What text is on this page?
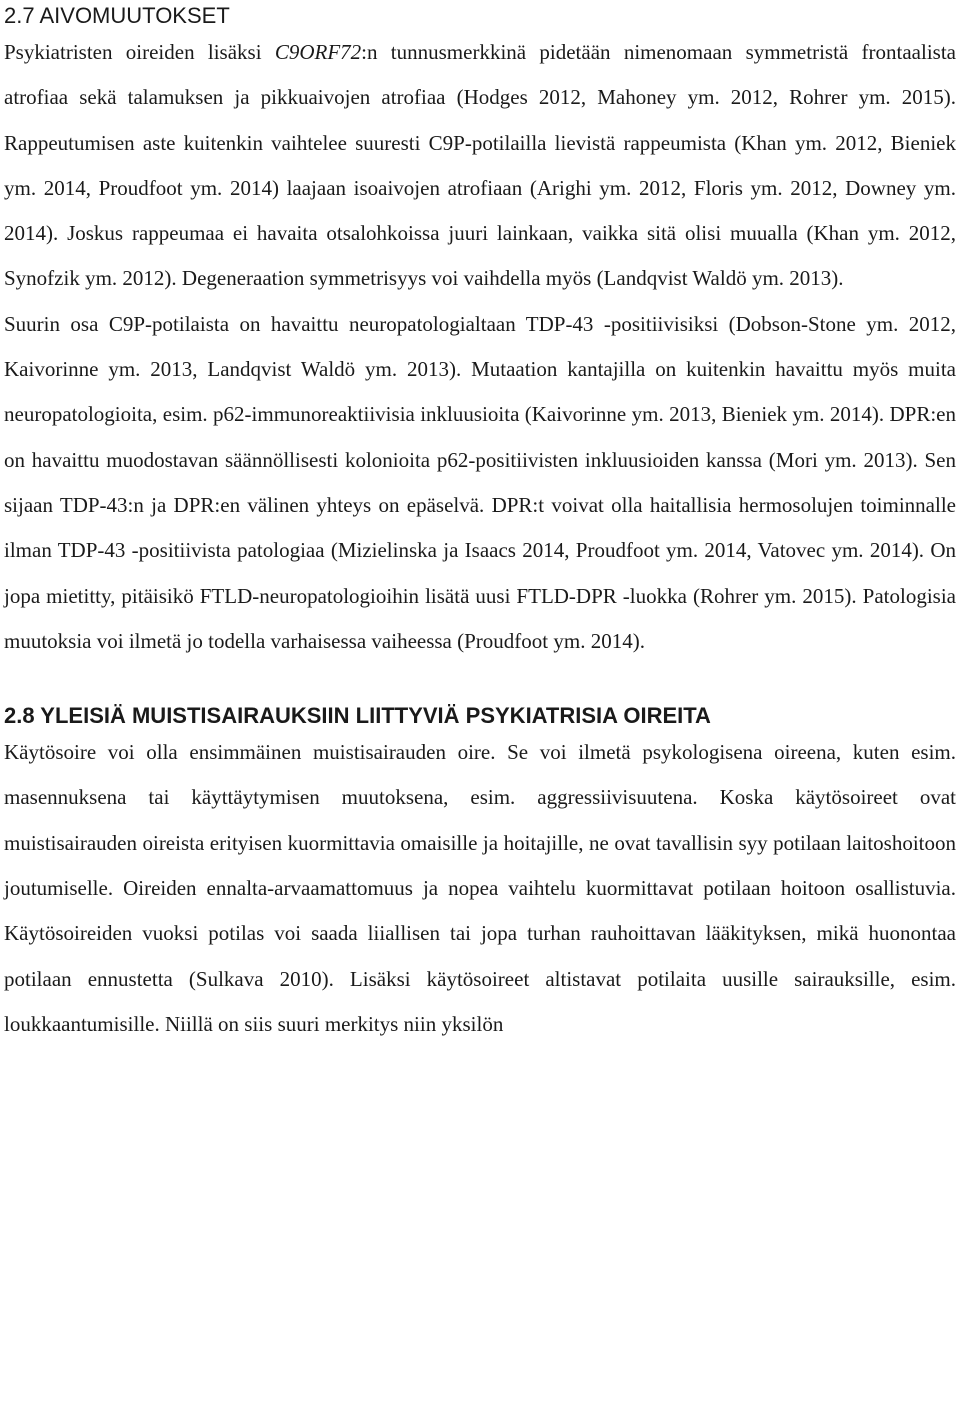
2.7 AIVOMUUTOKSET

Psykiatristen oireiden lisäksi C9ORF72:n tunnusmerkkinä pidetään nimenomaan symmetristä frontaalista atrofiaa sekä talamuksen ja pikkuaivojen atrofiaa (Hodges 2012, Mahoney ym. 2012, Rohrer ym. 2015). Rappeutumisen aste kuitenkin vaihtelee suuresti C9P-potilailla lievistä rappeumista (Khan ym. 2012, Bieniek ym. 2014, Proudfoot ym. 2014) laajaan isoaivojen atrofiaan (Arighi ym. 2012, Floris ym. 2012, Downey ym. 2014). Joskus rappeumaa ei havaita otsalohkoissa juuri lainkaan, vaikka sitä olisi muualla (Khan ym. 2012, Synofzik ym. 2012). Degeneraation symmetrisyys voi vaihdella myös (Landqvist Waldö ym. 2013).

Suurin osa C9P-potilaista on havaittu neuropatologialtaan TDP-43 -positiivisiksi (Dobson-Stone ym. 2012, Kaivorinne ym. 2013, Landqvist Waldö ym. 2013). Mutaation kantajilla on kuitenkin havaittu myös muita neuropatologioita, esim. p62-immunoreaktiivisia inkluusioita (Kaivorinne ym. 2013, Bieniek ym. 2014). DPR:en on havaittu muodostavan säännöllisesti kolonioita p62-positiivisten inkluusioiden kanssa (Mori ym. 2013). Sen sijaan TDP-43:n ja DPR:en välinen yhteys on epäselvä. DPR:t voivat olla haitallisia hermosolujen toiminnalle ilman TDP-43 -positiivista patologiaa (Mizielinska ja Isaacs 2014, Proudfoot ym. 2014, Vatovec ym. 2014). On jopa mietitty, pitäisikö FTLD-neuropatologioihin lisätä uusi FTLD-DPR -luokka (Rohrer ym. 2015). Patologisia muutoksia voi ilmetä jo todella varhaisessa vaiheessa (Proudfoot ym. 2014).

2.8 YLEISIÄ MUISTISAIRAUKSIIN LIITTYVIÄ PSYKIATRISIA OIREITA

Käytösoire voi olla ensimmäinen muistisairauden oire. Se voi ilmetä psykologisena oireena, kuten esim. masennuksena tai käyttäytymisen muutoksena, esim. aggressiivisuutena. Koska käytösoireet ovat muistisairauden oireista erityisen kuormittavia omaisille ja hoitajille, ne ovat tavallisin syy potilaan laitoshoitoon joutumiselle. Oireiden ennalta-arvaamattomuus ja nopea vaihtelu kuormittavat potilaan hoitoon osallistuvia. Käytösoireiden vuoksi potilas voi saada liiallisen tai jopa turhan rauhoittavan lääkityksen, mikä huonontaa potilaan ennustetta (Sulkava 2010). Lisäksi käytösoireet altistavat potilaita uusille sairauksille, esim. loukkaantumisille. Niillä on siis suuri merkitys niin yksilön
